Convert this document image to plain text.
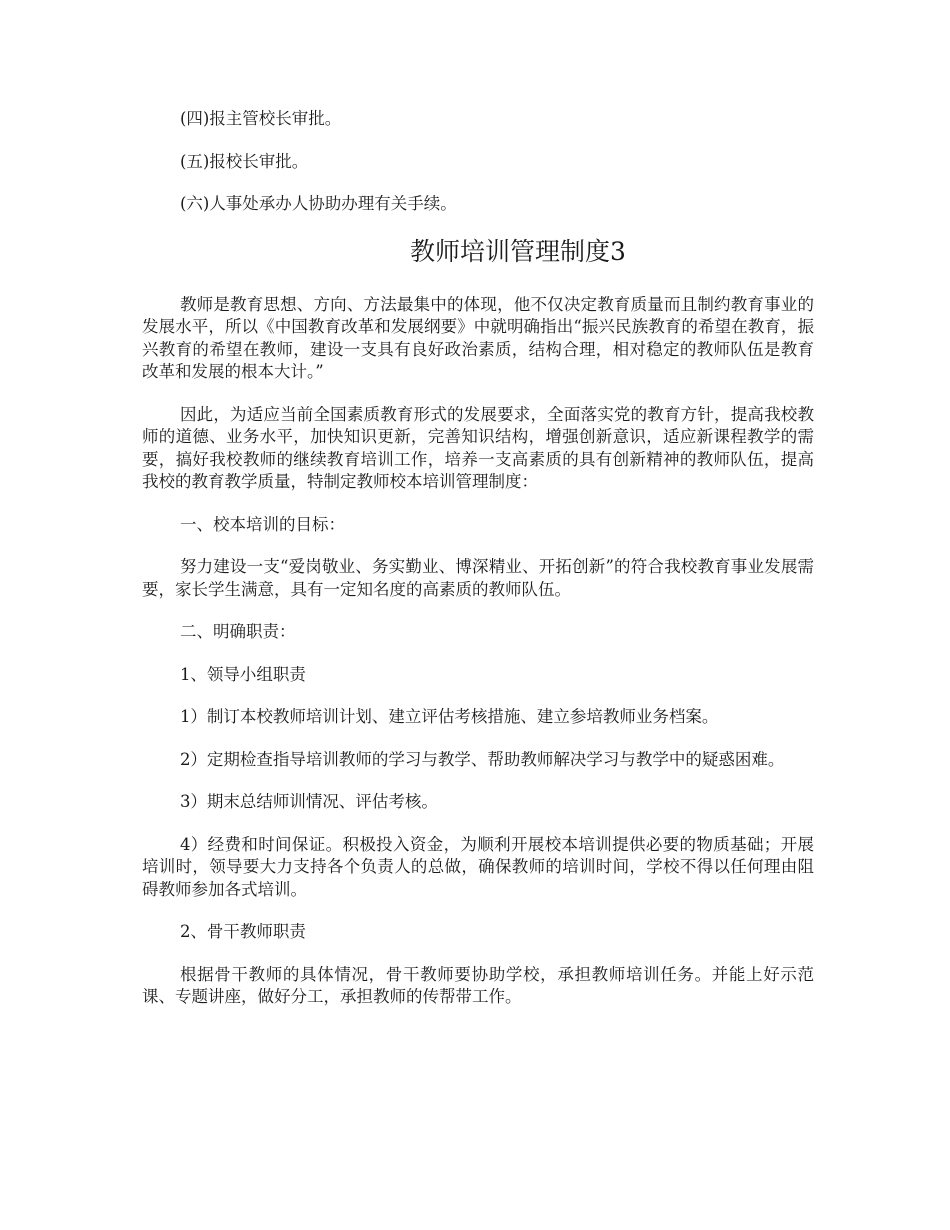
(四)报主管校长审批。

(五)报校长审批。

(六)人事处承办人协助办理有关手续。

教师培训管理制度3

教师是教育思想、方向、方法最集中的体现，他不仅决定教育质量而且制约教育事业的发展水平，所以《中国教育改革和发展纲要》中就明确指出“振兴民族教育的希望在教育，振兴教育的希望在教师，建设一支具有良好政治素质，结构合理，相对稳定的教师队伍是教育改革和发展的根本大计。”

因此，为适应当前全国素质教育形式的发展要求，全面落实党的教育方针，提高我校教师的道德、业务水平，加快知识更新，完善知识结构，增强创新意识，适应新课程教学的需要，搞好我校教师的继续教育培训工作，培养一支高素质的具有创新精神的教师队伍，提高我校的教育教学质量，特制定教师校本培训管理制度：

一、校本培训的目标：

努力建设一支“爱岗敬业、务实勤业、博深精业、开拓创新”的符合我校教育事业发展需要，家长学生满意，具有一定知名度的高素质的教师队伍。

二、明确职责：

1、领导小组职责

1）制订本校教师培训计划、建立评估考核措施、建立参培教师业务档案。

2）定期检查指导培训教师的学习与教学、帮助教师解决学习与教学中的疑惑困难。

3）期末总结师训情况、评估考核。

4）经费和时间保证。积极投入资金，为顺利开展校本培训提供必要的物质基础；开展培训时，领导要大力支持各个负责人的总做，确保教师的培训时间，学校不得以任何理由阻碍教师参加各式培训。

2、骨干教师职责

根据骨干教师的具体情况，骨干教师要协助学校，承担教师培训任务。并能上好示范课、专题讲座，做好分工，承担教师的传帮带工作。
